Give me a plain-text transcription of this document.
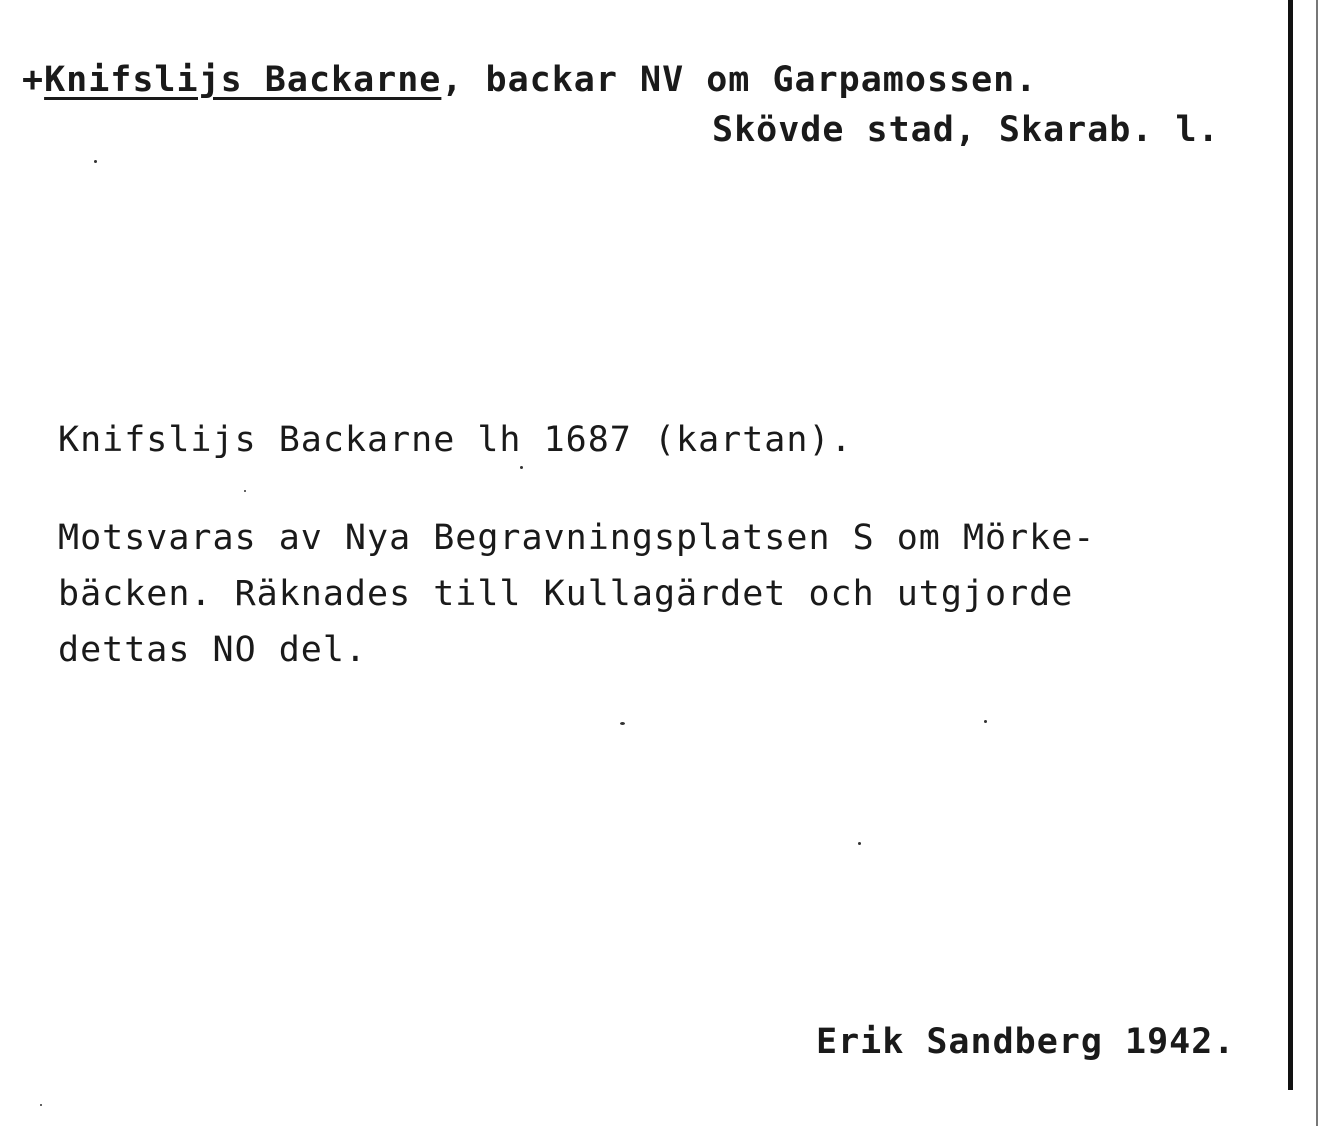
+Knifslijs Backarne, backar NV om Garpamossen.
Skövde stad, Skarab. l.
Knifslijs Backarne lh 1687 (kartan).
Motsvaras av Nya Begravningsplatsen S om Mörke-
bäcken. Räknades till Kullagärdet och utgjorde
dettas NO del.
Erik Sandberg 1942.
